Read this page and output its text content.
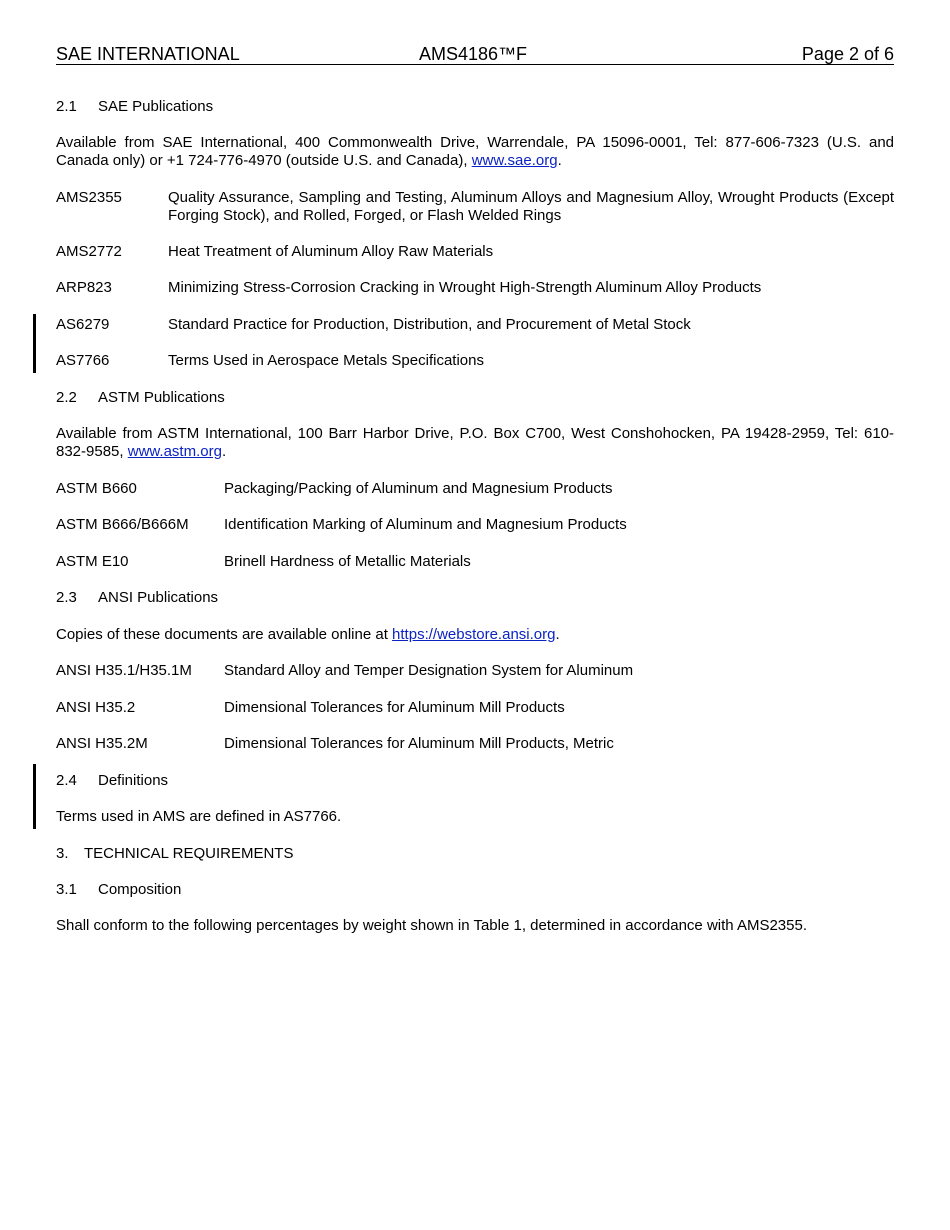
SAE INTERNATIONAL	AMS4186™F	Page 2 of 6
2.1 SAE Publications
Available from SAE International, 400 Commonwealth Drive, Warrendale, PA 15096-0001, Tel: 877-606-7323 (U.S. and Canada only) or +1 724-776-4970 (outside U.S. and Canada), www.sae.org.
AMS2355	Quality Assurance, Sampling and Testing, Aluminum Alloys and Magnesium Alloy, Wrought Products (Except Forging Stock), and Rolled, Forged, or Flash Welded Rings
AMS2772	Heat Treatment of Aluminum Alloy Raw Materials
ARP823	Minimizing Stress-Corrosion Cracking in Wrought High-Strength Aluminum Alloy Products
AS6279	Standard Practice for Production, Distribution, and Procurement of Metal Stock
AS7766	Terms Used in Aerospace Metals Specifications
2.2 ASTM Publications
Available from ASTM International, 100 Barr Harbor Drive, P.O. Box C700, West Conshohocken, PA 19428-2959, Tel: 610-832-9585, www.astm.org.
ASTM B660	Packaging/Packing of Aluminum and Magnesium Products
ASTM B666/B666M Identification Marking of Aluminum and Magnesium Products
ASTM E10	Brinell Hardness of Metallic Materials
2.3 ANSI Publications
Copies of these documents are available online at https://webstore.ansi.org.
ANSI H35.1/H35.1M Standard Alloy and Temper Designation System for Aluminum
ANSI H35.2	Dimensional Tolerances for Aluminum Mill Products
ANSI H35.2M	Dimensional Tolerances for Aluminum Mill Products, Metric
2.4 Definitions
Terms used in AMS are defined in AS7766.
3. TECHNICAL REQUIREMENTS
3.1 Composition
Shall conform to the following percentages by weight shown in Table 1, determined in accordance with AMS2355.
